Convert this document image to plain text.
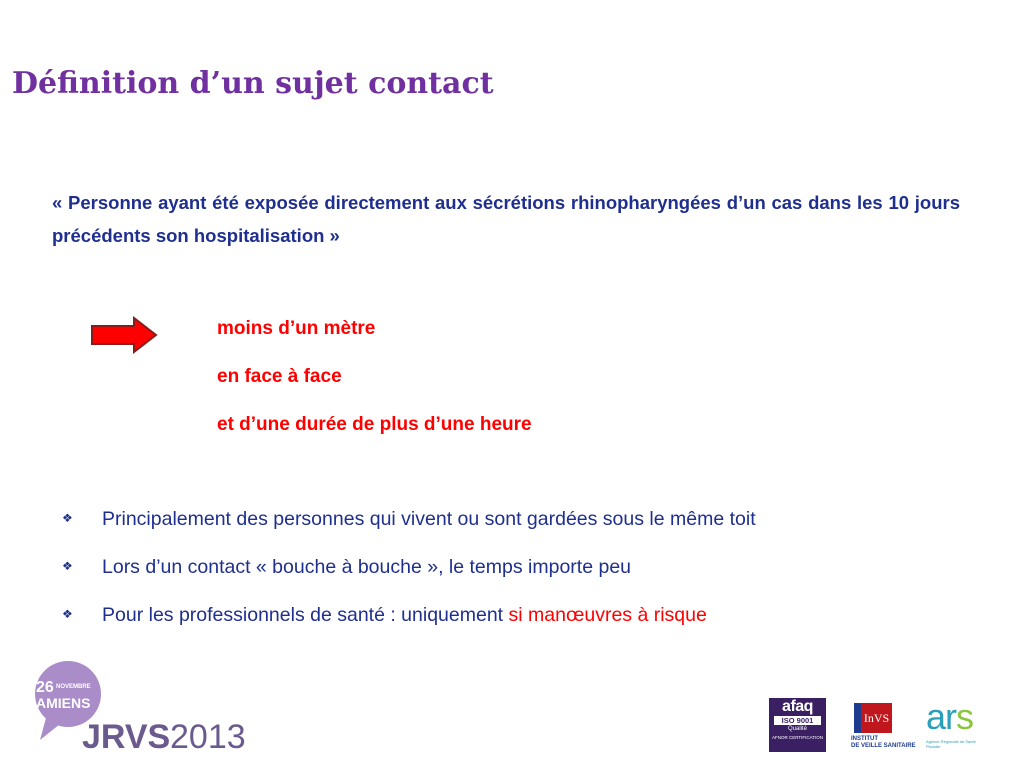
Définition d’un sujet contact

« Personne ayant été exposée directement aux sécrétions rhinopharyngées d’un cas dans les 10 jours précédents son hospitalisation »

moins d’un mètre

en face à face

et d’une durée de plus d’une heure

❖ Principalement des personnes qui vivent ou sont gardées sous le même toit

❖ Lors d’un contact « bouche à bouche », le temps importe peu

❖ Pour les professionnels de santé : uniquement si manœuvres à risque

26 NOVEMBRE
AMIENS
JRVS 2013
afaq
ISO 9001
Qualité
AFNOR CERTIFICATION
InVS
INSTITUT
DE VEILLE SANITAIRE
ars
Agence Régionale de Santé Picardie
